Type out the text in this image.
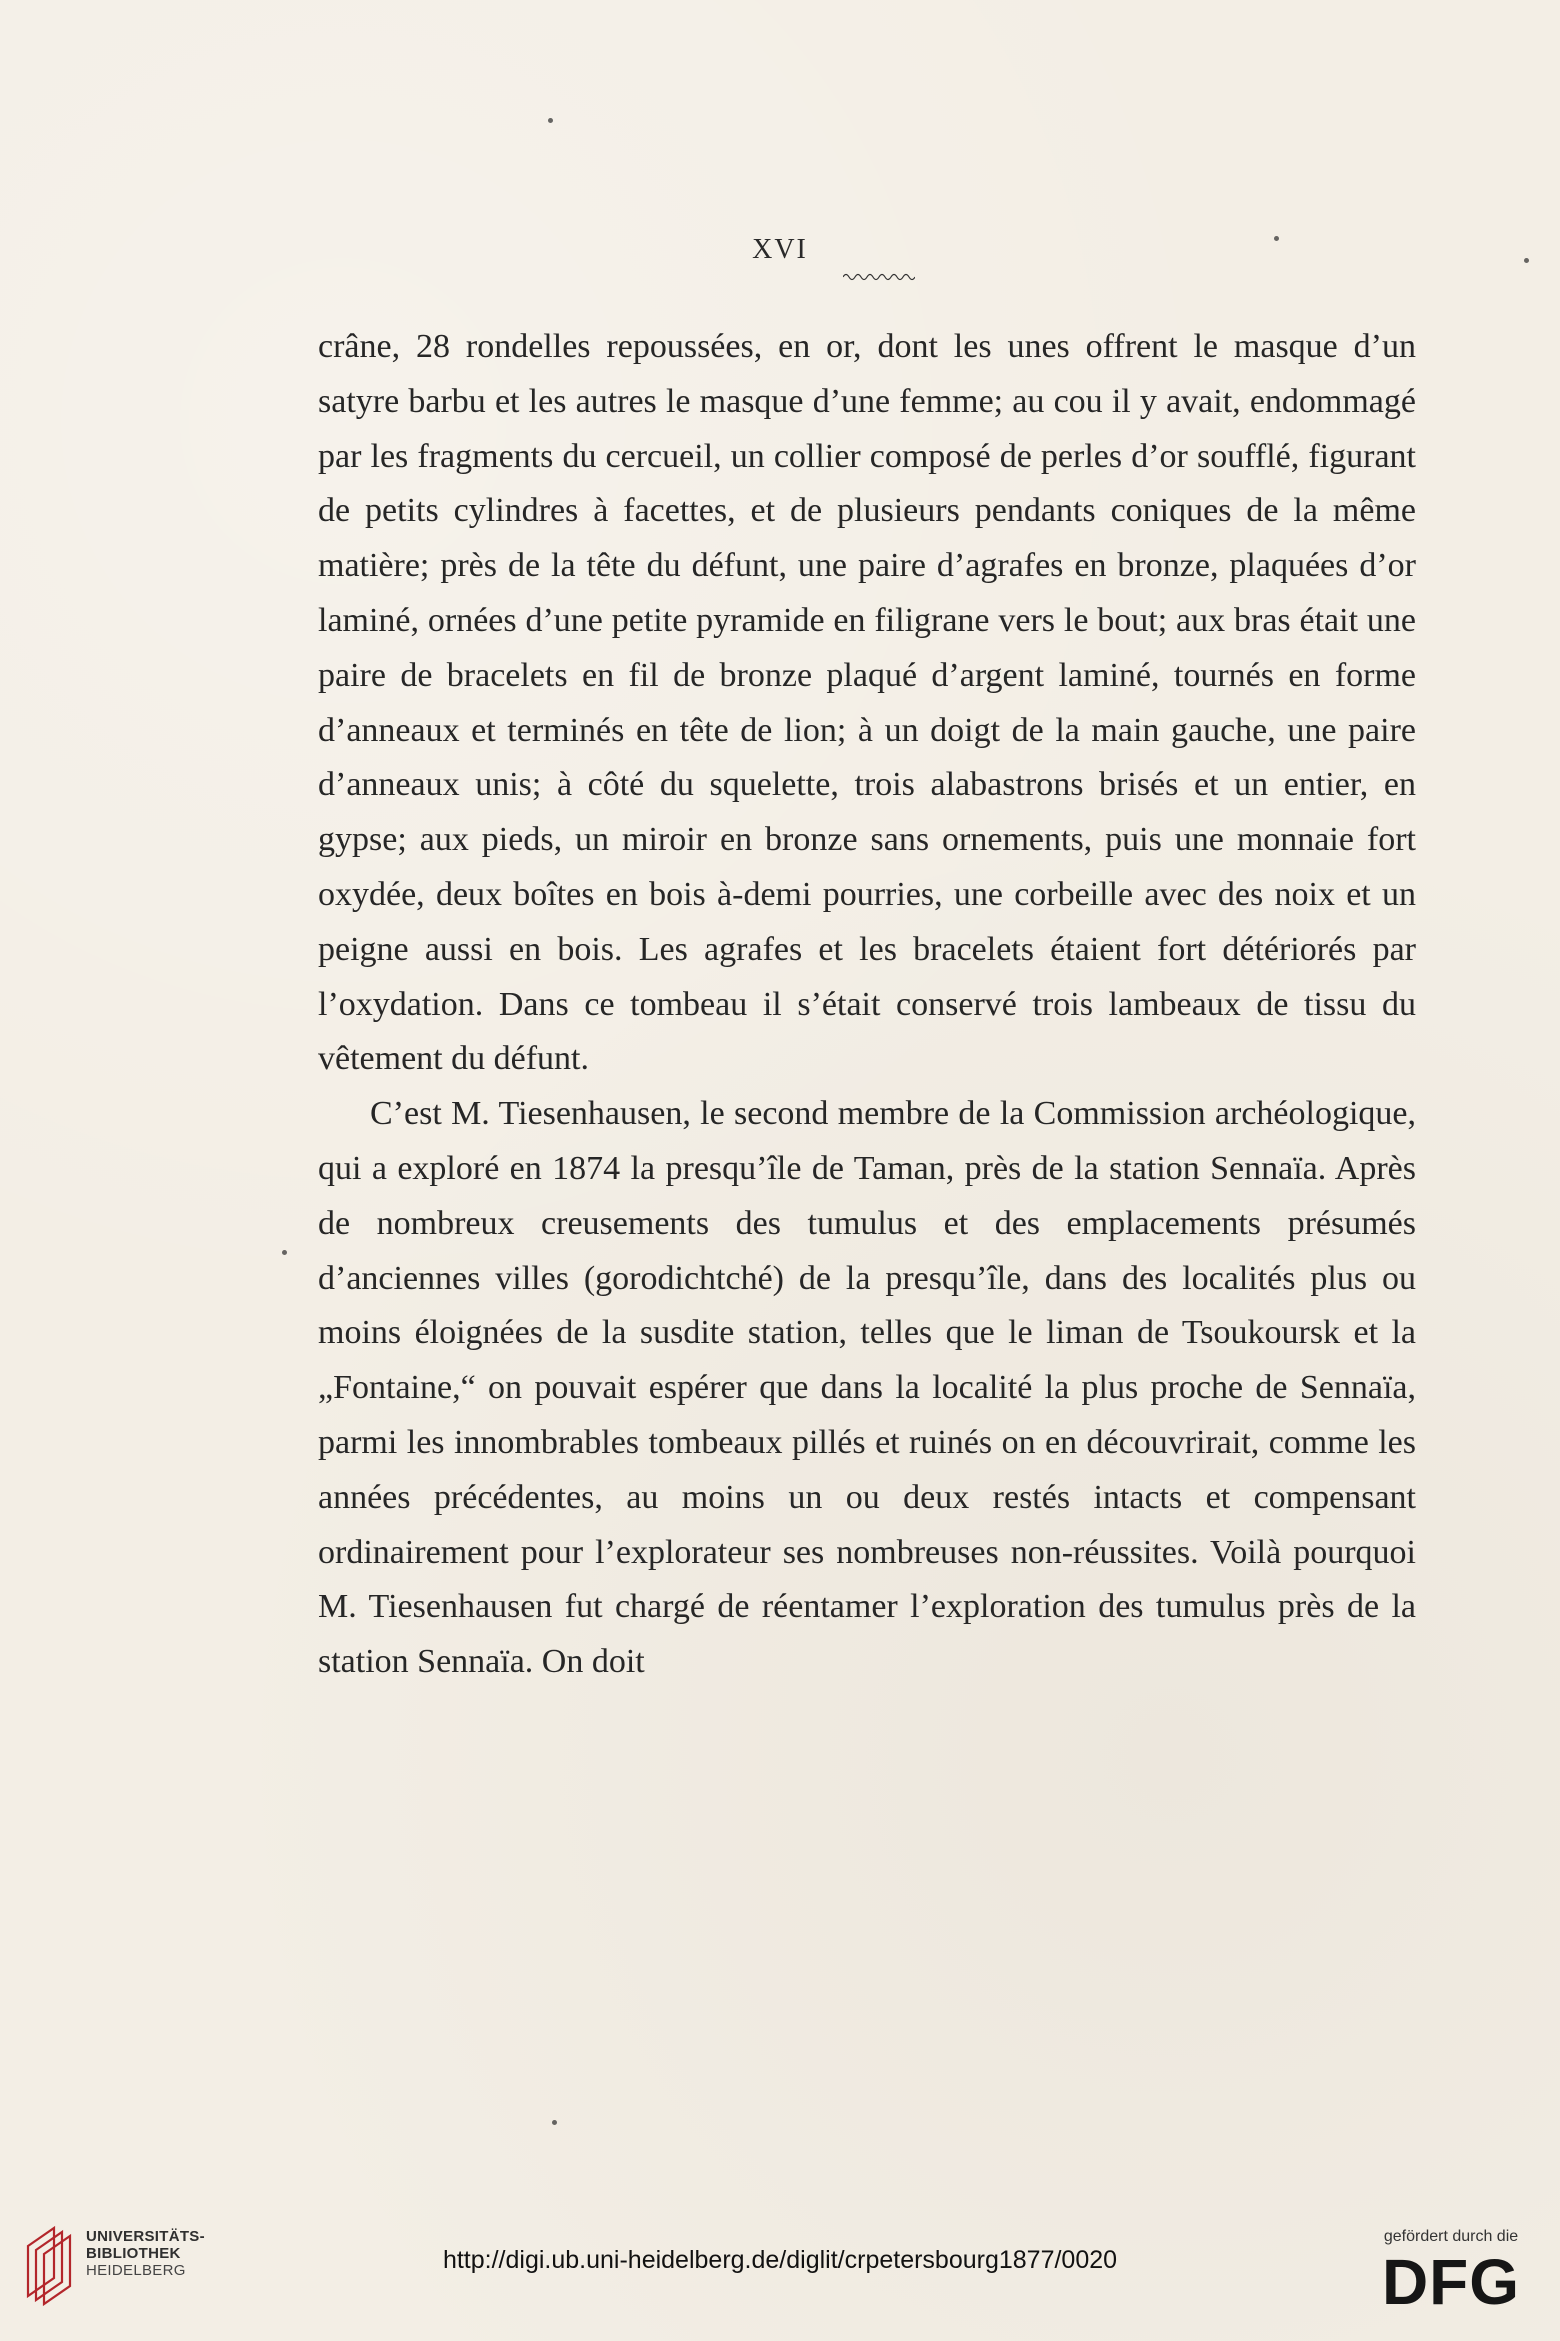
XVI

crâne, 28 rondelles repoussées, en or, dont les unes offrent le masque d’un satyre barbu et les autres le masque d’une femme; au cou il y avait, endommagé par les fragments du cercueil, un collier composé de perles d’or soufflé, figurant de petits cylindres à facettes, et de plusieurs pendants coniques de la même matière; près de la tête du défunt, une paire d’agrafes en bronze, plaquées d’or laminé, ornées d’une petite pyramide en filigrane vers le bout; aux bras était une paire de bracelets en fil de bronze plaqué d’argent laminé, tournés en forme d’anneaux et terminés en tête de lion; à un doigt de la main gauche, une paire d’anneaux unis; à côté du squelette, trois alabastrons brisés et un entier, en gypse; aux pieds, un miroir en bronze sans ornements, puis une monnaie fort oxydée, deux boîtes en bois à-demi pourries, une corbeille avec des noix et un peigne aussi en bois. Les agrafes et les bracelets étaient fort détériorés par l’oxydation. Dans ce tombeau il s’était conservé trois lambeaux de tissu du vêtement du défunt.

C’est M. Tiesenhausen, le second membre de la Commission archéologique, qui a exploré en 1874 la presqu’île de Taman, près de la station Sennaïa. Après de nombreux creusements des tumulus et des emplacements présumés d’anciennes villes (gorodichtché) de la presqu’île, dans des localités plus ou moins éloignées de la susdite station, telles que le liman de Tsoukoursk et la „Fontaine,“ on pouvait espérer que dans la localité la plus proche de Sennaïa, parmi les innombrables tombeaux pillés et ruinés on en découvrirait, comme les années précédentes, au moins un ou deux restés intacts et compensant ordinairement pour l’explorateur ses nombreuses non-réussites. Voilà pourquoi M. Tiesenhausen fut chargé de réentamer l’exploration des tumulus près de la station Sennaïa. On doit

UNIVERSITÄTS-
BIBLIOTHEK
HEIDELBERG	http://digi.ub.uni-heidelberg.de/diglit/crpetersbourg1877/0020
gefördert durch die
DFG
